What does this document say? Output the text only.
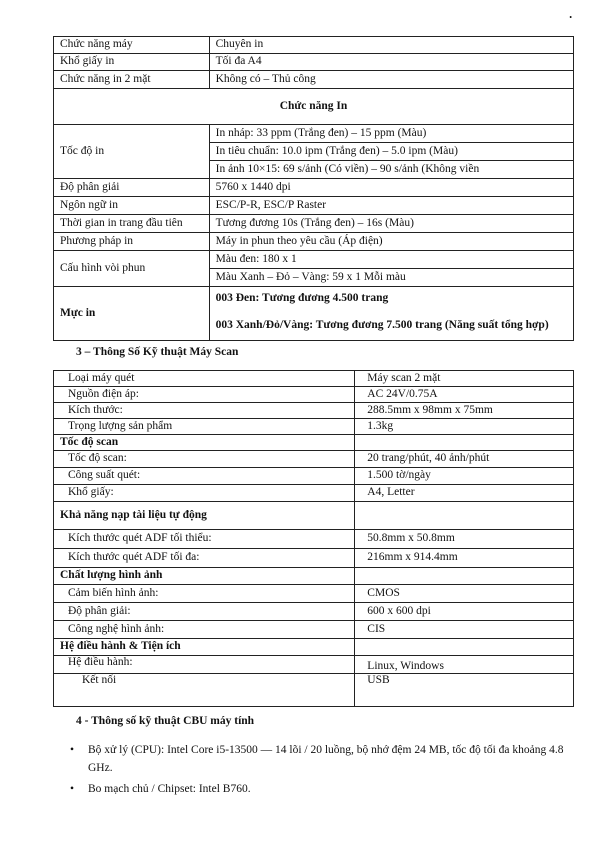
•
Chức năng máy	Chuyên in
Khổ giấy in	Tối đa A4
Chức năng in 2 mặt	Không có – Thủ công
Chức năng In	
Tốc độ in	In nháp: 33 ppm (Trắng đen) – 15 ppm (Màu)
	In tiêu chuẩn: 10.0 ipm (Trắng đen) – 5.0 ipm (Màu)
	In ảnh 10×15: 69 s/ảnh (Có viền) – 90 s/ảnh (Không viền
Độ phân giải	5760 x 1440 dpi
Ngôn ngữ in	ESC/P-R, ESC/P Raster
Thời gian in trang đầu tiên	Tương đương 10s (Trắng đen) – 16s (Màu)
Phương pháp in	Máy in phun theo yêu cầu (Áp điện)
Cấu hình vòi phun	Màu đen: 180 x 1
	Màu Xanh – Đỏ – Vàng: 59 x 1 Mỗi màu
Mực in	003 Đen: Tương đương 4.500 trang
	003 Xanh/Đỏ/Vàng: Tương đương 7.500 trang (Năng suất tổng hợp)
3 – Thông Số Kỹ thuật Máy Scan
Loại máy quét	Máy scan 2 mặt
Nguồn điện áp:	AC 24V/0.75A
Kích thước:	288.5mm x 98mm x 75mm
Trọng lượng sản phẩm	1.3kg
Tốc độ scan	
Tốc độ scan:	20 trang/phút, 40 ảnh/phút
Công suất quét:	1.500 tờ/ngày
Khổ giấy:	A4, Letter
Khả năng nạp tài liệu tự động	
Kích thước quét ADF tối thiểu:	50.8mm x 50.8mm
Kích thước quét ADF tối đa:	216mm x 914.4mm
Chất lượng hình ảnh	
Cảm biến hình ảnh:	CMOS
Độ phân giải:	600 x 600 dpi
Công nghệ hình ảnh:	CIS
Hệ điều hành & Tiện ích	
Hệ điều hành:	Linux, Windows
Kết nối	USB
4 - Thông số kỹ thuật CBU máy tính
• Bộ xử lý (CPU): Intel Core i5-13500 — 14 lõi / 20 luồng, bộ nhớ đệm 24 MB, tốc độ tối đa khoảng 4.8 GHz.
• Bo mạch chủ / Chipset: Intel B760.
